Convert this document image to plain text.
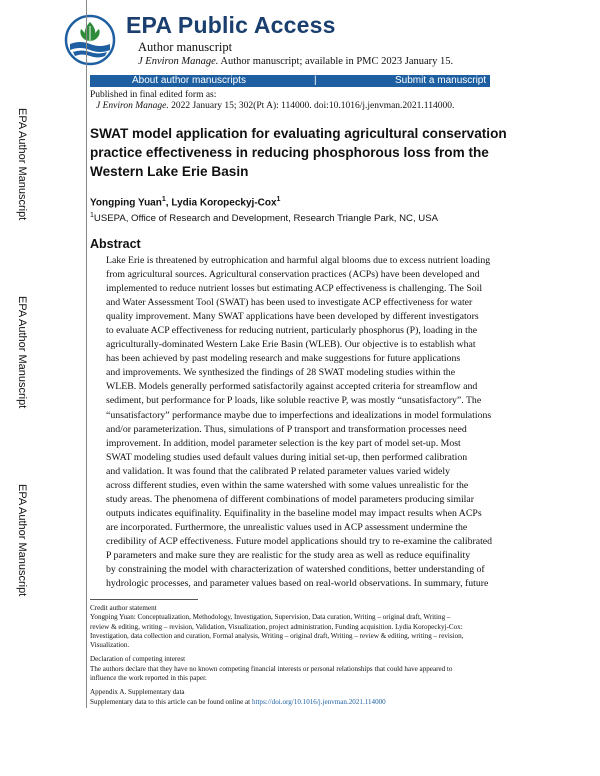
EPA Public Access
Author manuscript
J Environ Manage. Author manuscript; available in PMC 2023 January 15.
About author manuscripts	|	Submit a manuscript
EPA Author Manuscript
EPA Author Manuscript
EPA Author Manuscript
Published in final edited form as:
J Environ Manage. 2022 January 15; 302(Pt A): 114000. doi:10.1016/j.jenvman.2021.114000.
SWAT model application for evaluating agricultural conservation practice effectiveness in reducing phosphorous loss from the Western Lake Erie Basin
Yongping Yuan$^1$, Lydia Koropeckyj-Cox$^1$
$^1$USEPA, Office of Research and Development, Research Triangle Park, NC, USA
Abstract
Lake Erie is threatened by eutrophication and harmful algal blooms due to excess nutrient loading
from agricultural sources. Agricultural conservation practices (ACPs) have been developed and
implemented to reduce nutrient losses but estimating ACP effectiveness is challenging. The Soil
and Water Assessment Tool (SWAT) has been used to investigate ACP effectiveness for water
quality improvement. Many SWAT applications have been developed by different investigators
to evaluate ACP effectiveness for reducing nutrient, particularly phosphorus (P), loading in the
agriculturally-dominated Western Lake Erie Basin (WLEB). Our objective is to establish what
has been achieved by past modeling research and make suggestions for future applications
and improvements. We synthesized the findings of 28 SWAT modeling studies within the
WLEB. Models generally performed satisfactorily against accepted criteria for streamflow and
sediment, but performance for P loads, like soluble reactive P, was mostly “unsatisfactory”. The
“unsatisfactory” performance maybe due to imperfections and idealizations in model formulations
and/or parameterization. Thus, simulations of P transport and transformation processes need
improvement. In addition, model parameter selection is the key part of model set-up. Most
SWAT modeling studies used default values during initial set-up, then performed calibration
and validation. It was found that the calibrated P related parameter values varied widely
across different studies, even within the same watershed with some values unrealistic for the
study areas. The phenomena of different combinations of model parameters producing similar
outputs indicates equifinality. Equifinality in the baseline model may impact results when ACPs
are incorporated. Furthermore, the unrealistic values used in ACP assessment undermine the
credibility of ACP effectiveness. Future model applications should try to re-examine the calibrated
P parameters and make sure they are realistic for the study area as well as reduce equifinality
by constraining the model with characterization of watershed conditions, better understanding of
hydrologic processes, and parameter values based on real-world observations. In summary, future
Credit author statement
Yongping Yuan: Conceptualization, Methodology, Investigation, Supervision, Data curation, Writing – original draft, Writing –
review & editing, writing – revision, Validation, Visualization, project administration, Funding acquisition. Lydia Koropeckyj-Cox:
Investigation, data collection and curation, Formal analysis, Writing – original draft, Writing – review & editing, writing – revision,
Visualization.
Declaration of competing interest
The authors declare that they have no known competing financial interests or personal relationships that could have appeared to
influence the work reported in this paper.
Appendix A. Supplementary data
Supplementary data to this article can be found online at https://doi.org/10.1016/j.jenvman.2021.114000
